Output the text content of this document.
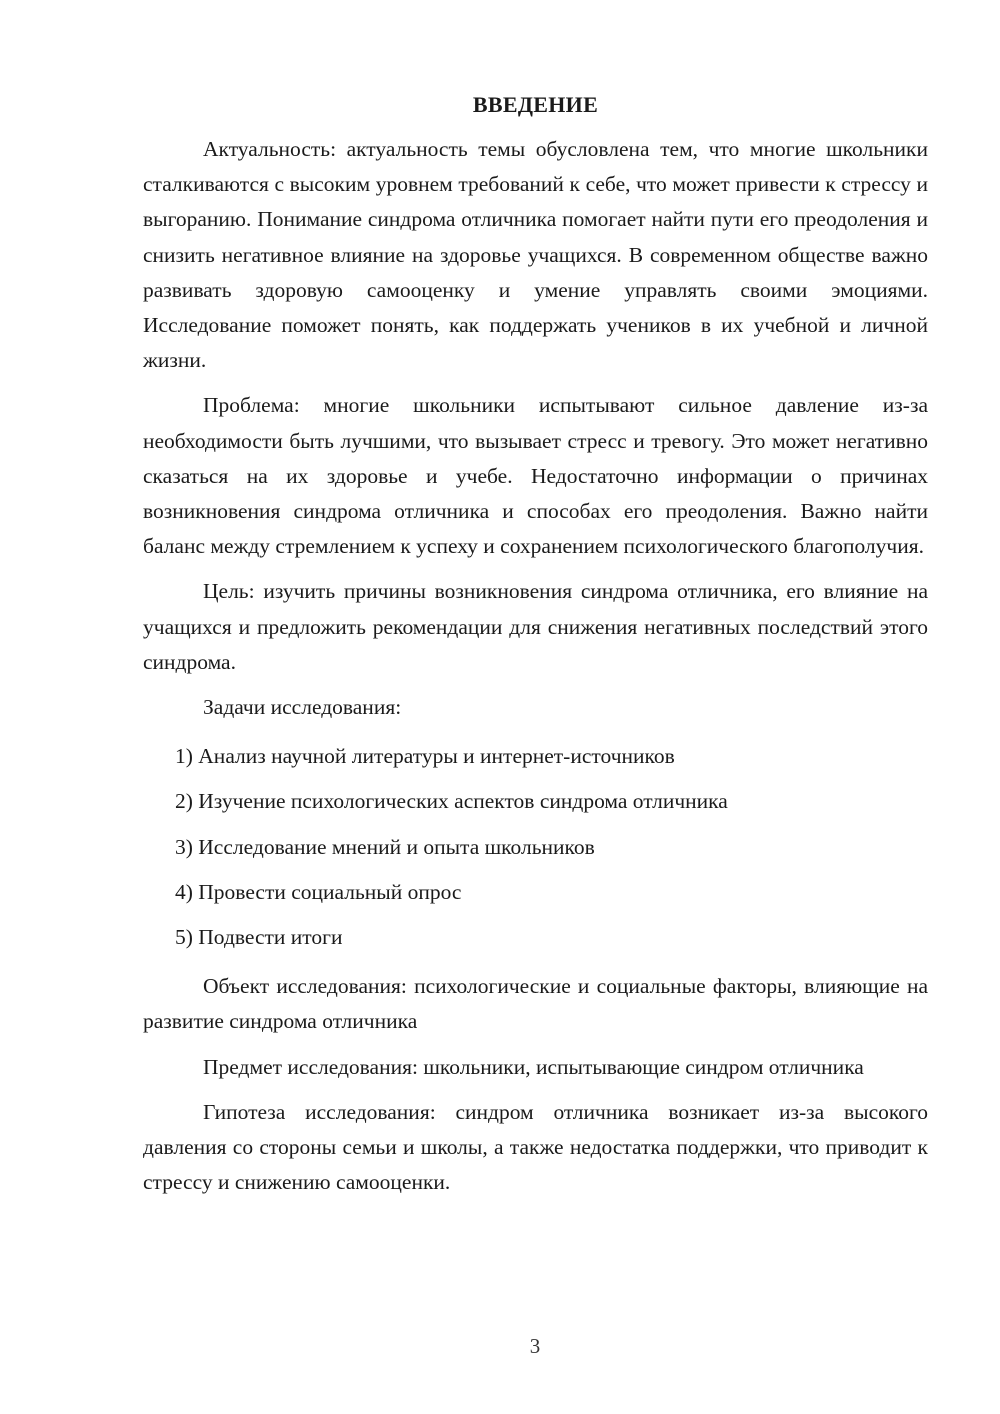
ВВЕДЕНИЕ

Актуальность: актуальность темы обусловлена тем, что многие школьники сталкиваются с высоким уровнем требований к себе, что может привести к стрессу и выгоранию. Понимание синдрома отличника помогает найти пути его преодоления и снизить негативное влияние на здоровье учащихся. В современном обществе важно развивать здоровую самооценку и умение управлять своими эмоциями. Исследование поможет понять, как поддержать учеников в их учебной и личной жизни.

Проблема: многие школьники испытывают сильное давление из-за необходимости быть лучшими, что вызывает стресс и тревогу. Это может негативно сказаться на их здоровье и учебе. Недостаточно информации о причинах возникновения синдрома отличника и способах его преодоления. Важно найти баланс между стремлением к успеху и сохранением психологического благополучия.

Цель: изучить причины возникновения синдрома отличника, его влияние на учащихся и предложить рекомендации для снижения негативных последствий этого синдрома.

Задачи исследования:

1) Анализ научной литературы и интернет-источников
2) Изучение психологических аспектов синдрома отличника
3) Исследование мнений и опыта школьников
4) Провести социальный опрос
5) Подвести итоги

Объект исследования: психологические и социальные факторы, влияющие на развитие синдрома отличника

Предмет исследования: школьники, испытывающие синдром отличника

Гипотеза исследования: синдром отличника возникает из-за высокого давления со стороны семьи и школы, а также недостатка поддержки, что приводит к стрессу и снижению самооценки.

3
